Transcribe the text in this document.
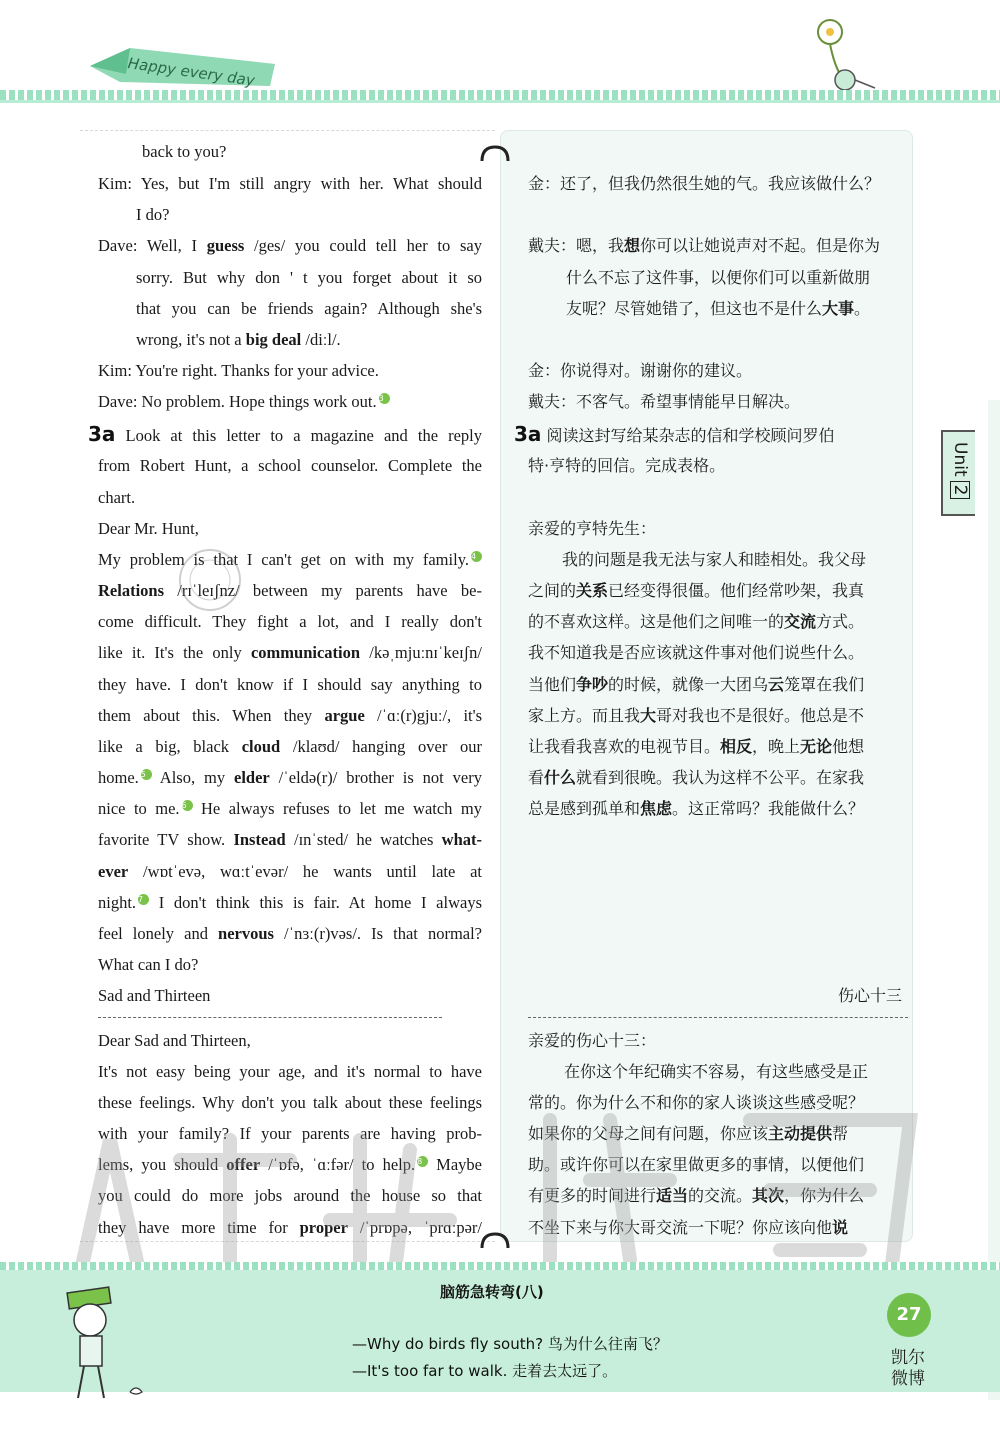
Happy every day
back to you?
Kim: Yes, but I'm still angry with her. What should
I do?
Dave: Well, I guess /ges/ you could tell her to say
sorry. But why don ' t you forget about it so
that you can be friends again? Although she's
wrong, it's not a big deal /diːl/.
Kim: You're right. Thanks for your advice.
Dave: No problem. Hope things work out. 3
3a Look at this letter to a magazine and the reply
from Robert Hunt, a school counselor. Complete the
chart.
Dear Mr. Hunt,
My problem is that I can't get on with my family. 4
Relations /rɪˈleɪʃnz/ between my parents have be-
come difficult. They fight a lot, and I really don't
like it. It's the only communication /kəˌmjuːnɪˈkeɪʃn/
they have. I don't know if I should say anything to
them about this. When they argue /ˈɑː(r)gjuː/, it's
like a big, black cloud /klaʊd/ hanging over our
home. 5 Also, my elder /ˈeldə(r)/ brother is not very
nice to me. 6 He always refuses to let me watch my
favorite TV show. Instead /ɪnˈsted/ he watches what-
ever /wɒtˈevə, wɑːtˈevər/ he wants until late at
night. 7 I don't think this is fair. At home I always
feel lonely and nervous /ˈnɜː(r)vəs/. Is that normal?
What can I do?
Sad and Thirteen
Dear Sad and Thirteen,
It's not easy being your age, and it's normal to have
these feelings. Why don't you talk about these feelings
with your family? If your parents are having prob-
lems, you should offer /ˈɒfə, ˈɑːfər/ to help. 8 Maybe
you could do more jobs around the house so that
they have more time for proper /ˈprɒpə, ˈprɑːpər/
金：还了，但我仍然很生她的气。我应该做什么？
戴夫：嗯，我想你可以让她说声对不起。但是你为
什么不忘了这件事，以便你们可以重新做朋
友呢？尽管她错了，但这也不是什么大事。
金：你说得对。谢谢你的建议。
戴夫：不客气。希望事情能早日解决。
3a 阅读这封写给某杂志的信和学校顾问罗伯
特·亨特的回信。完成表格。
亲爱的亨特先生：
我的问题是我无法与家人和睦相处。我父母
之间的关系已经变得很僵。他们经常吵架，我真
的不喜欢这样。这是他们之间唯一的交流方式。
我不知道我是否应该就这件事对他们说些什么。
当他们争吵的时候，就像一大团乌云笼罩在我们
家上方。而且我大哥对我也不是很好。他总是不
让我看我喜欢的电视节目。相反，晚上无论他想
看什么就看到很晚。我认为这样不公平。在家我
总是感到孤单和焦虑。这正常吗？我能做什么？
伤心十三
亲爱的伤心十三：
在你这个年纪确实不容易，有这些感受是正
常的。你为什么不和你的家人谈谈这些感受呢？
如果你的父母之间有问题，你应该主动提供帮
助。或许你可以在家里做更多的事情，以便他们
有更多的时间进行适当的交流。其次，你为什么
不坐下来与你大哥交流一下呢？你应该向他说
Unit2
脑筋急转弯(八)
—Why do birds fly south? 鸟为什么往南飞？
—It's too far to walk. 走着去太远了。
27
凯尔微博
